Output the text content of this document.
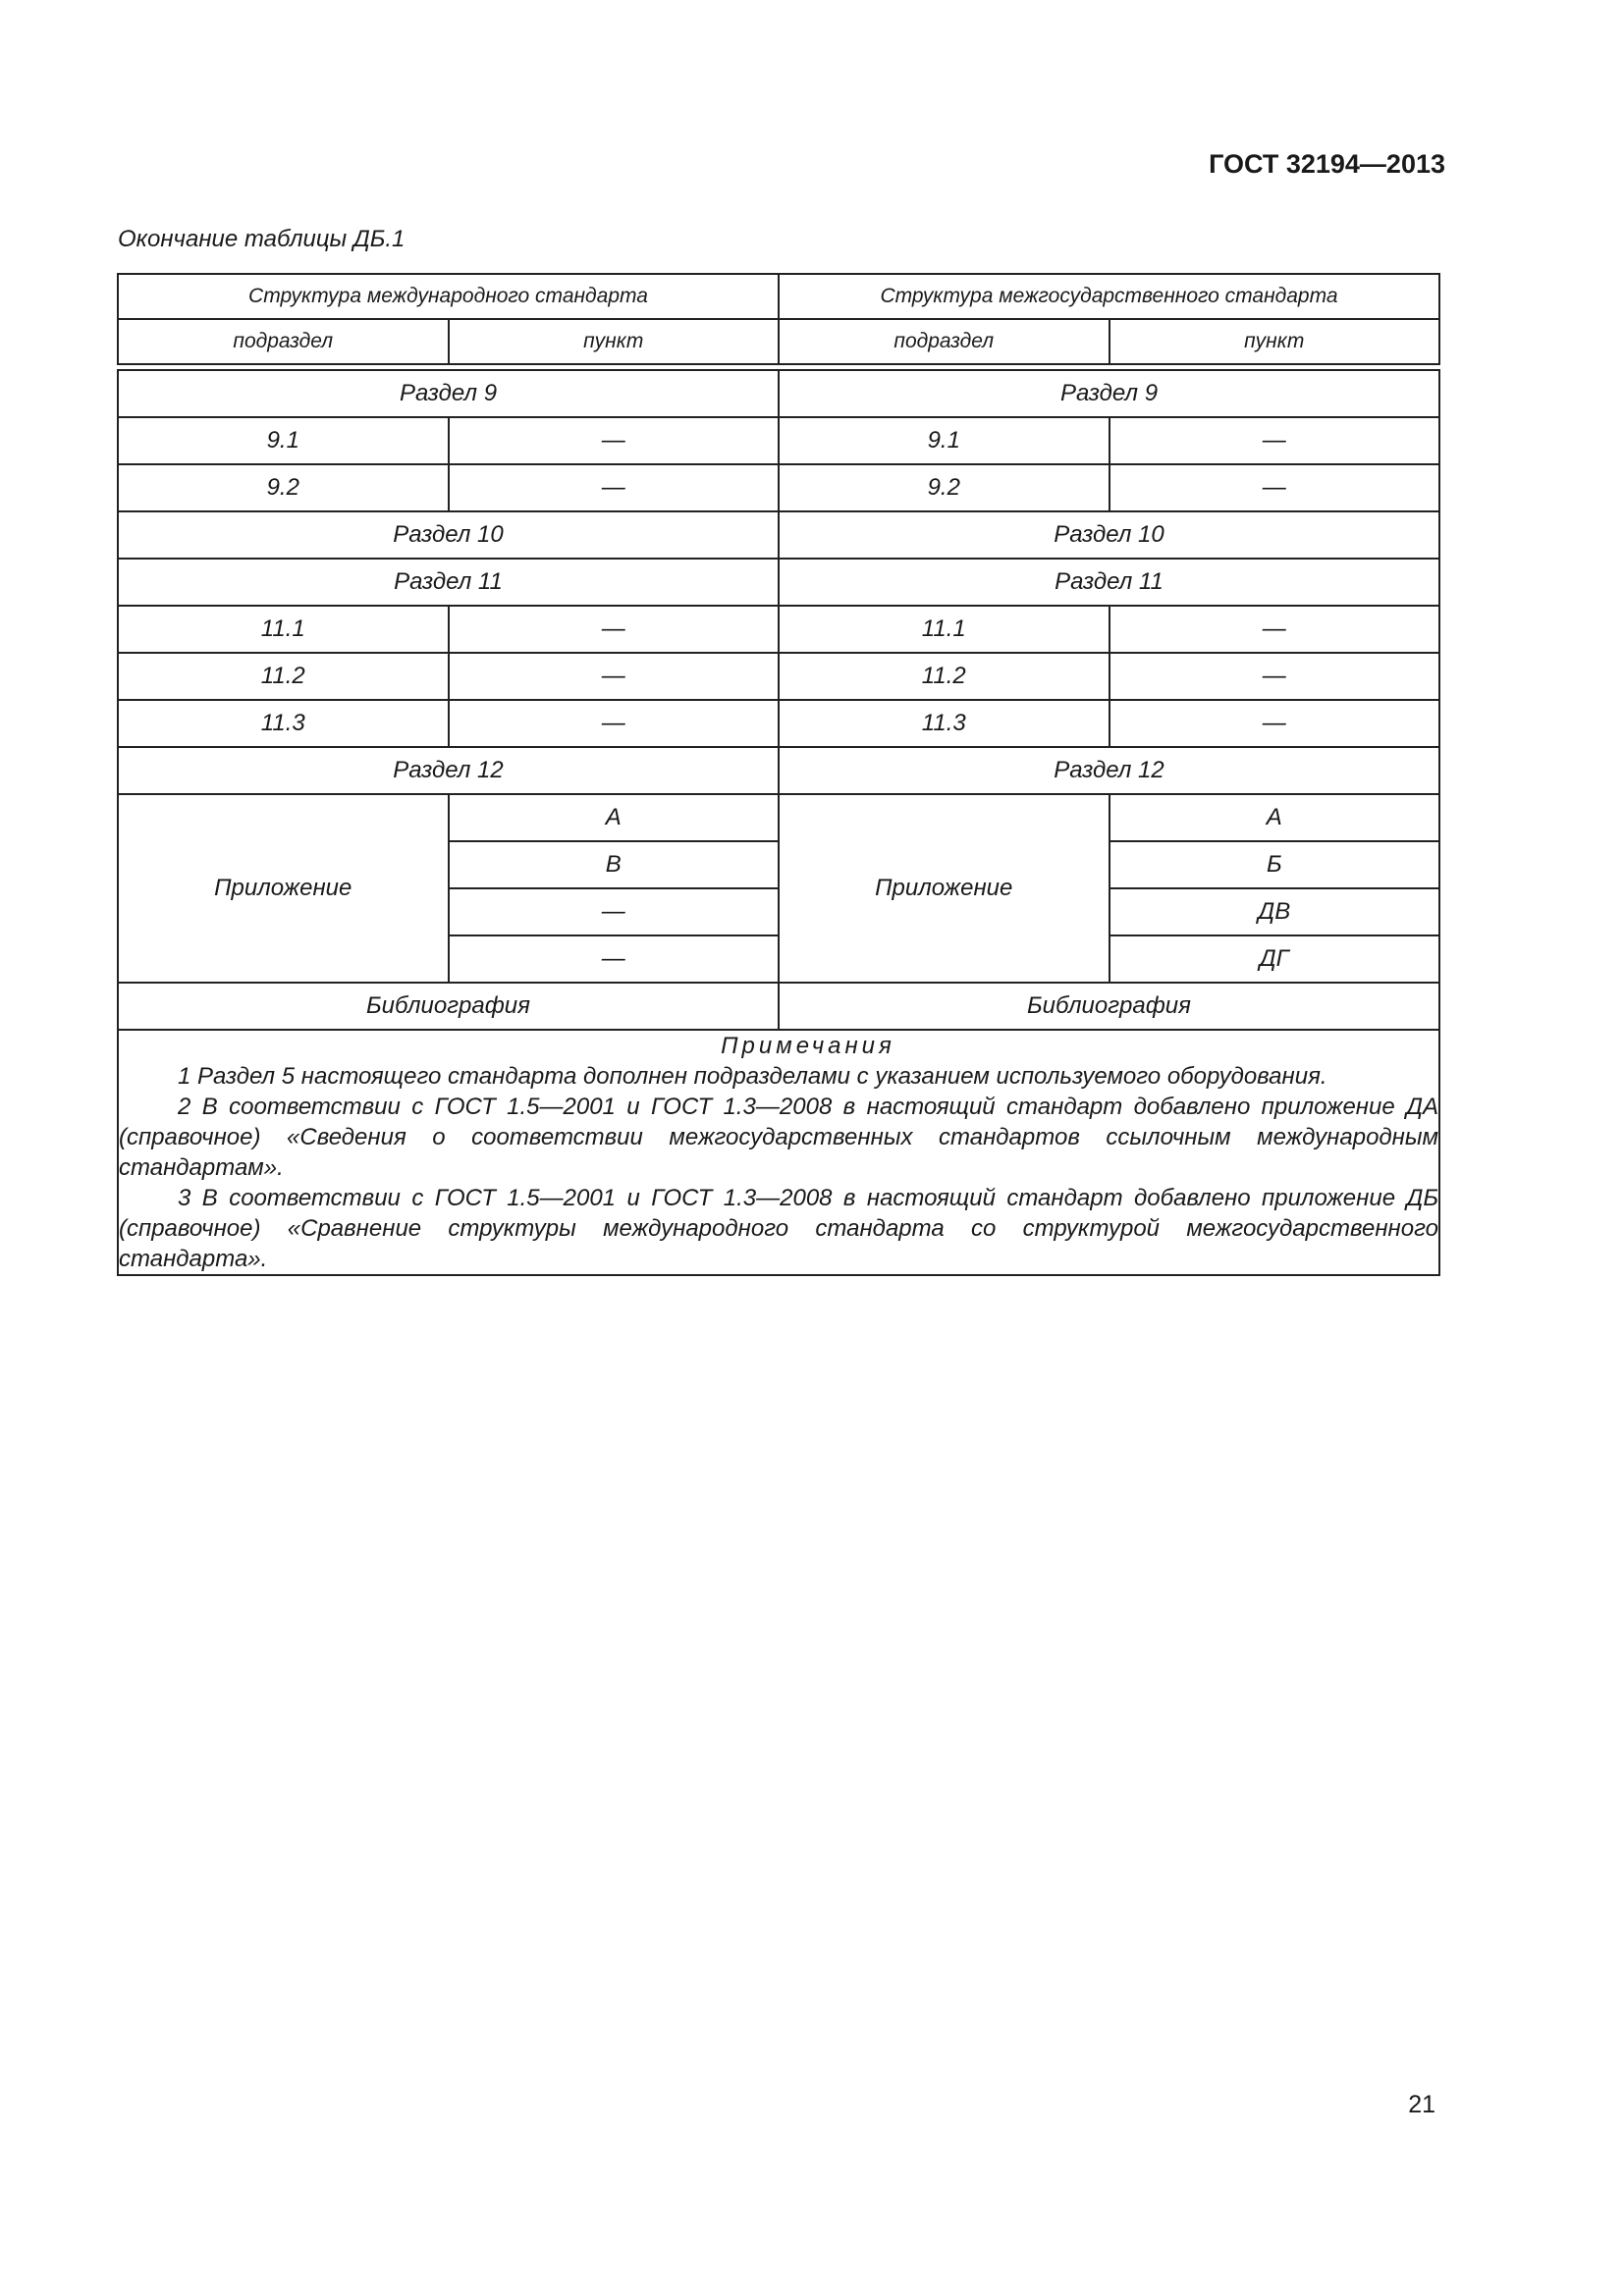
ГОСТ 32194—2013
Окончание таблицы ДБ.1
Структура международного стандарта		Структура межгосударственного стандарта	
подраздел	пункт	подраздел	пункт

Раздел 9		Раздел 9	
9.1	—	9.1	—
9.2	—	9.2	—
Раздел 10		Раздел 10	
Раздел 11		Раздел 11	
11.1	—	11.1	—
11.2	—	11.2	—
11.3	—	11.3	—
Раздел 12		Раздел 12	
Приложение	А	Приложение	А
	В		Б
	—		ДВ
	—		ДГ
Библиография		Библиография	

Примечания
1 Раздел 5 настоящего стандарта дополнен подразделами с указанием используемого оборудования.
2 В соответствии с ГОСТ 1.5—2001 и ГОСТ 1.3—2008 в настоящий стандарт добавлено приложение ДА (справочное) «Сведения о соответствии межгосударственных стандартов ссылочным международным стандартам».
3 В соответствии с ГОСТ 1.5—2001 и ГОСТ 1.3—2008 в настоящий стандарт добавлено приложение ДБ (справочное) «Сравнение структуры международного стандарта со структурой межгосударственного стандарта».			
21
